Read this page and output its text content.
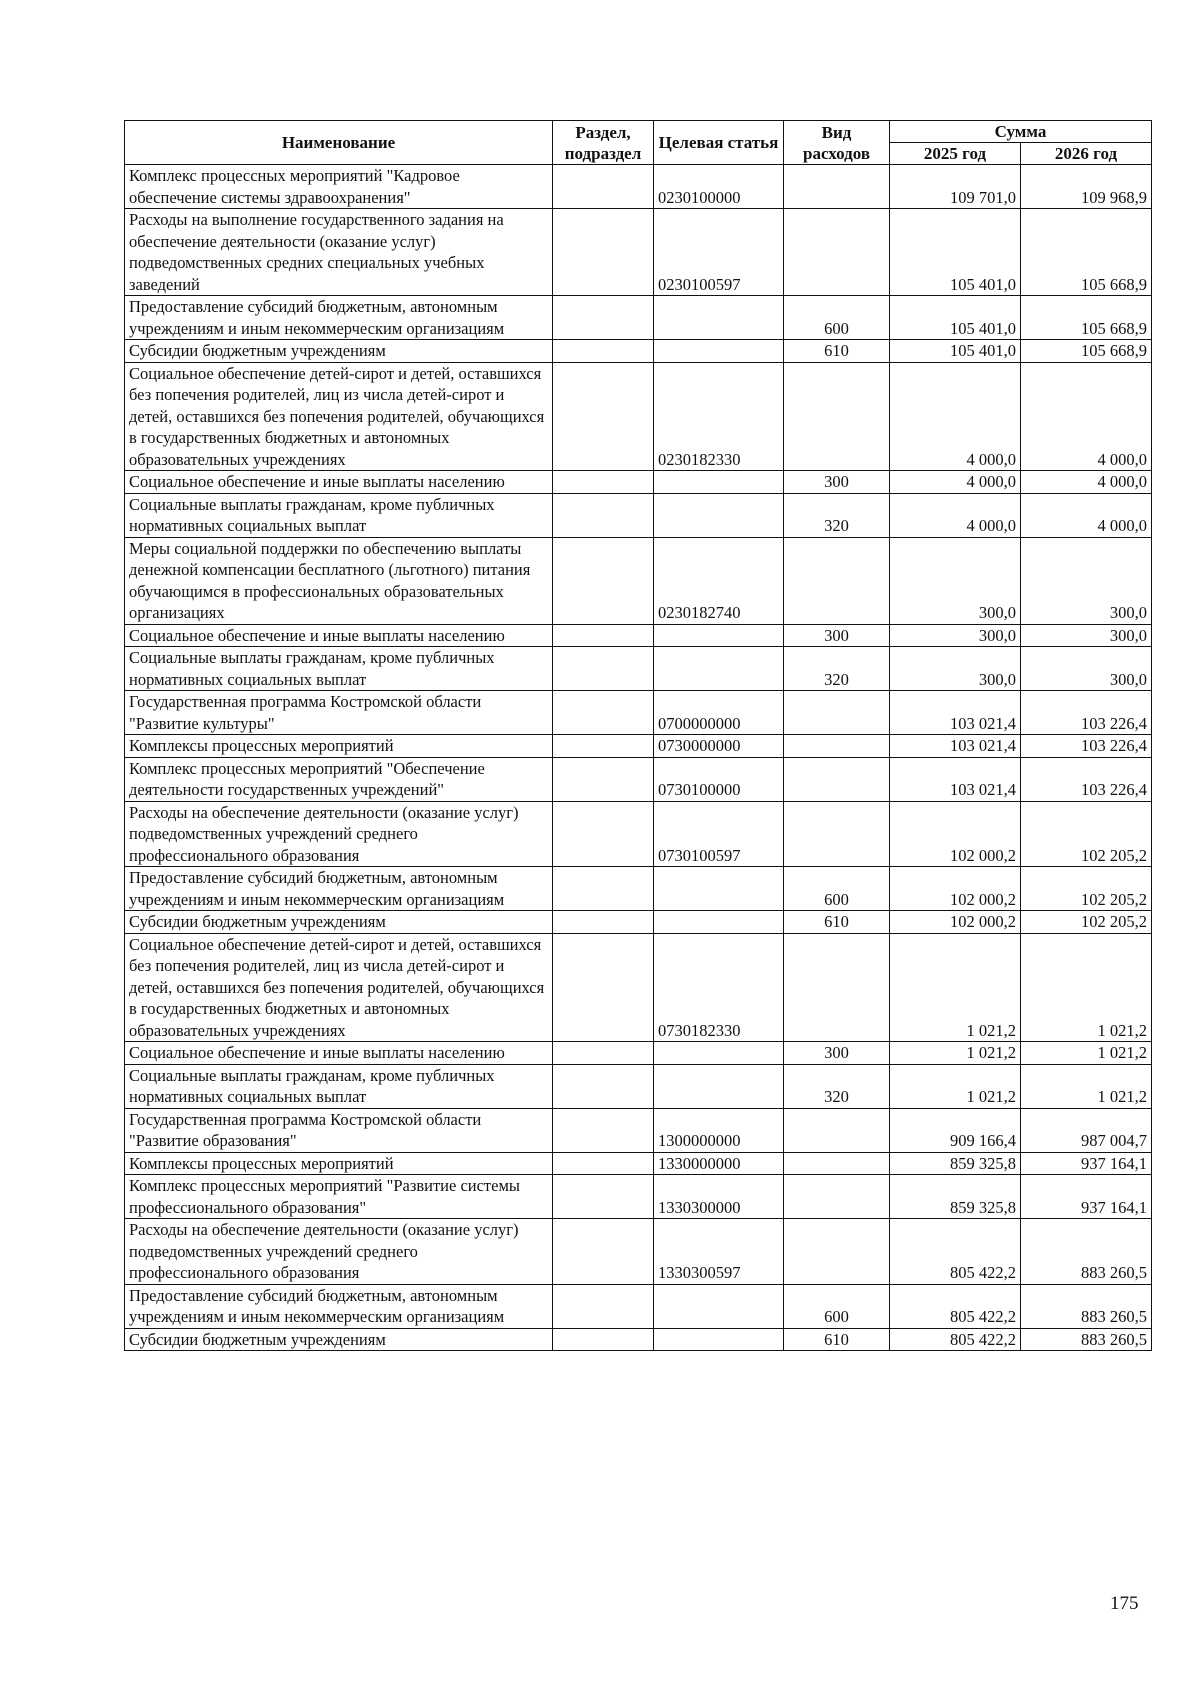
Наименование	Раздел, подраздел	Целевая статья	Вид расходов	Сумма	
				2025 год	2026 год
Комплекс процессных мероприятий "Кадровое обеспечение системы здравоохранения"		0230100000		109 701,0	109 968,9
Расходы на выполнение государственного задания на обеспечение деятельности (оказание услуг) подведомственных средних специальных учебных заведений		0230100597		105 401,0	105 668,9
Предоставление субсидий бюджетным, автономным учреждениям и иным некоммерческим организациям			600	105 401,0	105 668,9
Субсидии бюджетным учреждениям			610	105 401,0	105 668,9
Социальное обеспечение детей-сирот и детей, оставшихся без попечения родителей, лиц из числа детей-сирот и детей, оставшихся без попечения родителей, обучающихся в государственных бюджетных и автономных образовательных учреждениях		0230182330		4 000,0	4 000,0
Социальное обеспечение и иные выплаты населению			300	4 000,0	4 000,0
Социальные выплаты гражданам, кроме публичных нормативных социальных выплат			320	4 000,0	4 000,0
Меры социальной поддержки по обеспечению выплаты денежной компенсации бесплатного (льготного) питания обучающимся в профессиональных образовательных организациях		0230182740		300,0	300,0
Социальное обеспечение и иные выплаты населению			300	300,0	300,0
Социальные выплаты гражданам, кроме публичных нормативных социальных выплат			320	300,0	300,0
Государственная программа Костромской области "Развитие культуры"		0700000000		103 021,4	103 226,4
Комплексы процессных мероприятий		0730000000		103 021,4	103 226,4
Комплекс процессных мероприятий "Обеспечение деятельности государственных учреждений"		0730100000		103 021,4	103 226,4
Расходы на обеспечение деятельности (оказание услуг) подведомственных учреждений среднего профессионального образования		0730100597		102 000,2	102 205,2
Предоставление субсидий бюджетным, автономным учреждениям и иным некоммерческим организациям			600	102 000,2	102 205,2
Субсидии бюджетным учреждениям			610	102 000,2	102 205,2
Социальное обеспечение детей-сирот и детей, оставшихся без попечения родителей, лиц из числа детей-сирот и детей, оставшихся без попечения родителей, обучающихся в государственных бюджетных и автономных образовательных учреждениях		0730182330		1 021,2	1 021,2
Социальное обеспечение и иные выплаты населению			300	1 021,2	1 021,2
Социальные выплаты гражданам, кроме публичных нормативных социальных выплат			320	1 021,2	1 021,2
Государственная программа Костромской области "Развитие образования"		1300000000		909 166,4	987 004,7
Комплексы процессных мероприятий		1330000000		859 325,8	937 164,1
Комплекс процессных мероприятий "Развитие системы профессионального образования"		1330300000		859 325,8	937 164,1
Расходы на обеспечение деятельности (оказание услуг) подведомственных учреждений среднего профессионального образования		1330300597		805 422,2	883 260,5
Предоставление субсидий бюджетным, автономным учреждениям и иным некоммерческим организациям			600	805 422,2	883 260,5
Субсидии бюджетным учреждениям			610	805 422,2	883 260,5
175
